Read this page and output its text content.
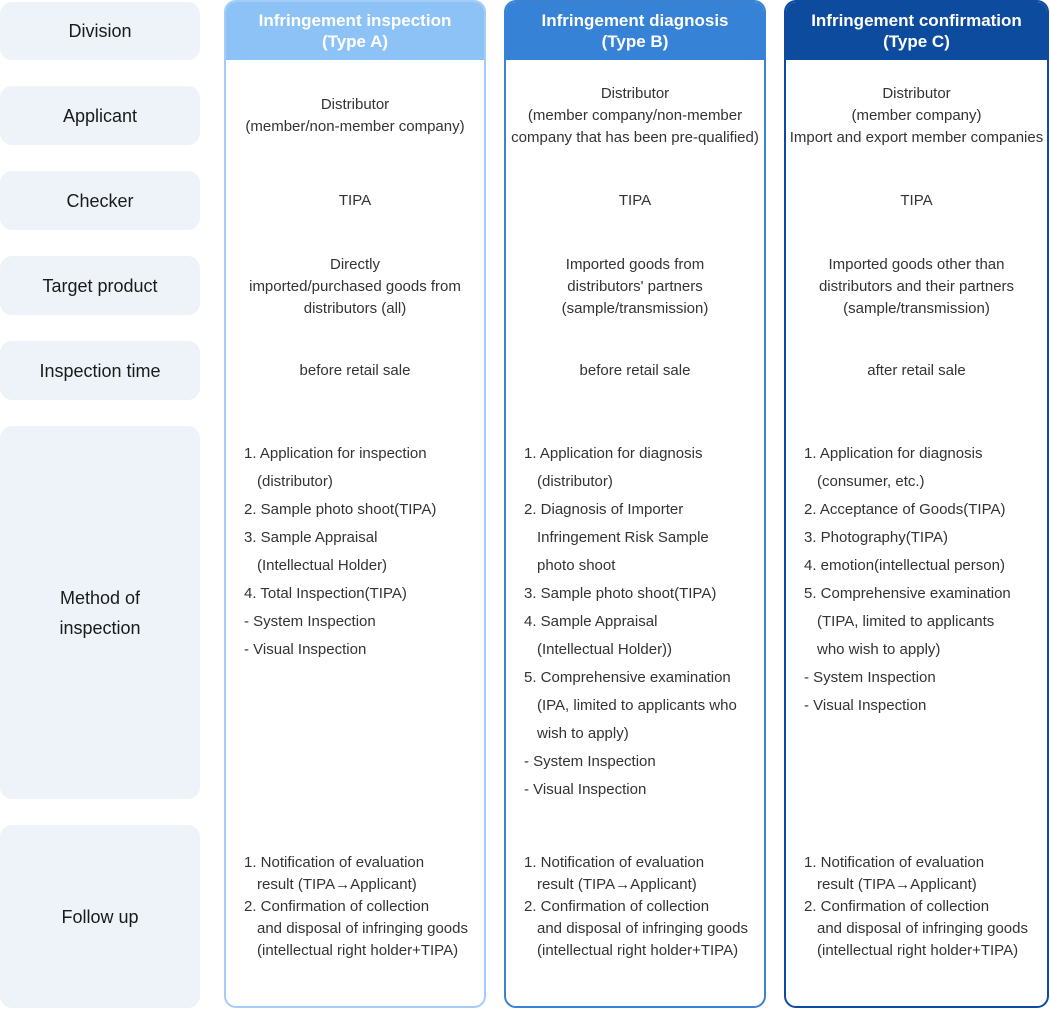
Division
Applicant
Checker
Target product
Inspection time
Method of
inspection
Follow up
Infringement inspection
(Type A)
Distributor
(member/non-member company)
TIPA
Directly
imported/purchased goods from
distributors (all)
before retail sale
1. Application for inspection
(distributor)
2. Sample photo shoot(TIPA)
3. Sample Appraisal
(Intellectual Holder)
4. Total Inspection(TIPA)
- System Inspection
- Visual Inspection
1. Notification of evaluation
result (TIPA→Applicant)
2. Confirmation of collection
and disposal of infringing goods
(intellectual right holder+TIPA)
Infringement diagnosis
(Type B)
Distributor
(member company/non-member
company that has been pre-qualified)
TIPA
Imported goods from
distributors' partners
(sample/transmission)
before retail sale
1. Application for diagnosis
(distributor)
2. Diagnosis of Importer
Infringement Risk Sample
photo shoot
3. Sample photo shoot(TIPA)
4. Sample Appraisal
(Intellectual Holder))
5. Comprehensive examination
(IPA, limited to applicants who
wish to apply)
- System Inspection
- Visual Inspection
1. Notification of evaluation
result (TIPA→Applicant)
2. Confirmation of collection
and disposal of infringing goods
(intellectual right holder+TIPA)
Infringement confirmation
(Type C)
Distributor
(member company)
Import and export member companies
TIPA
Imported goods other than
distributors and their partners
(sample/transmission)
after retail sale
1. Application for diagnosis
(consumer, etc.)
2. Acceptance of Goods(TIPA)
3. Photography(TIPA)
4. emotion(intellectual person)
5. Comprehensive examination
(TIPA, limited to applicants
who wish to apply)
- System Inspection
- Visual Inspection
1. Notification of evaluation
result (TIPA→Applicant)
2. Confirmation of collection
and disposal of infringing goods
(intellectual right holder+TIPA)
